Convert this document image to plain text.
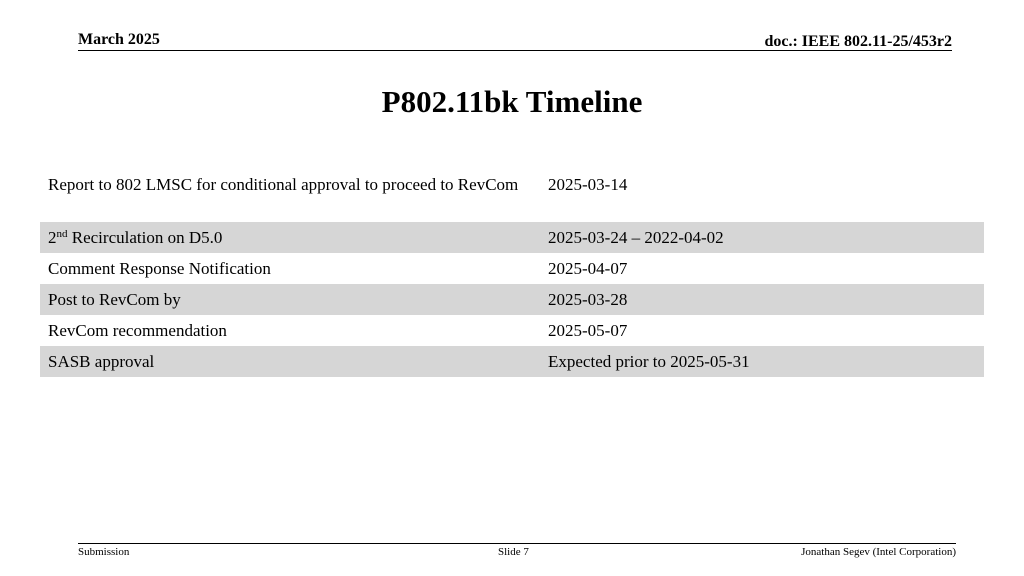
March 2025	doc.: IEEE 802.11-25/453r2
P802.11bk Timeline
Report to 802 LMSC for conditional approval to proceed to RevCom	2025-03-14
2nd Recirculation on D5.0	2025-03-24 – 2022-04-02
Comment Response Notification	2025-04-07
Post to RevCom by	2025-03-28
RevCom recommendation	2025-05-07
SASB approval	Expected prior to 2025-05-31
Submission	Slide 7	Jonathan Segev (Intel Corporation)
